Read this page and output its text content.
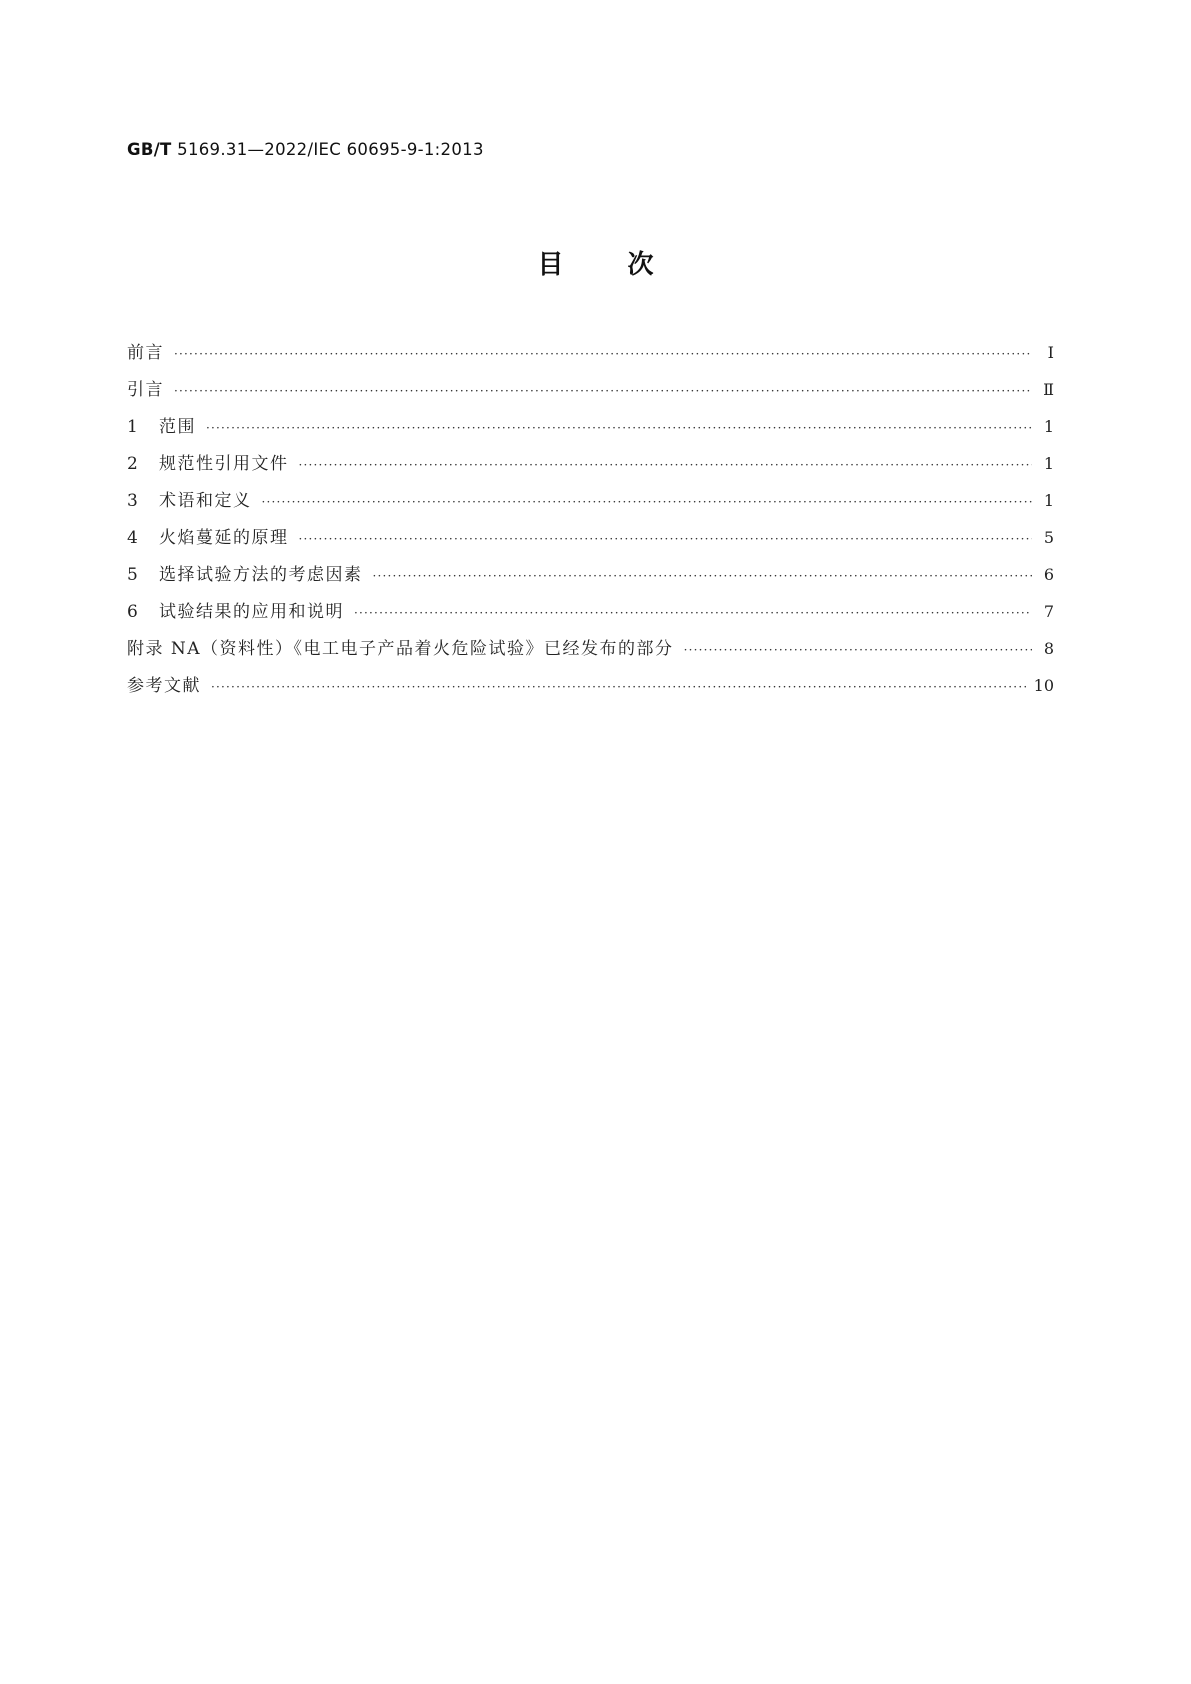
GB/T 5169.31—2022/IEC 60695-9-1:2013
目 次
前言 ·····	Ⅰ
引言 ·····	Ⅱ
1	范围 ·····	1
2	规范性引用文件 ·····	1
3	术语和定义 ·····	1
4	火焰蔓延的原理 ·····	5
5	选择试验方法的考虑因素 ·····	6
6	试验结果的应用和说明 ·····	7
附录 NA（资料性）《电工电子产品着火危险试验》已经发布的部分 ·····	8
参考文献 ·····	10
